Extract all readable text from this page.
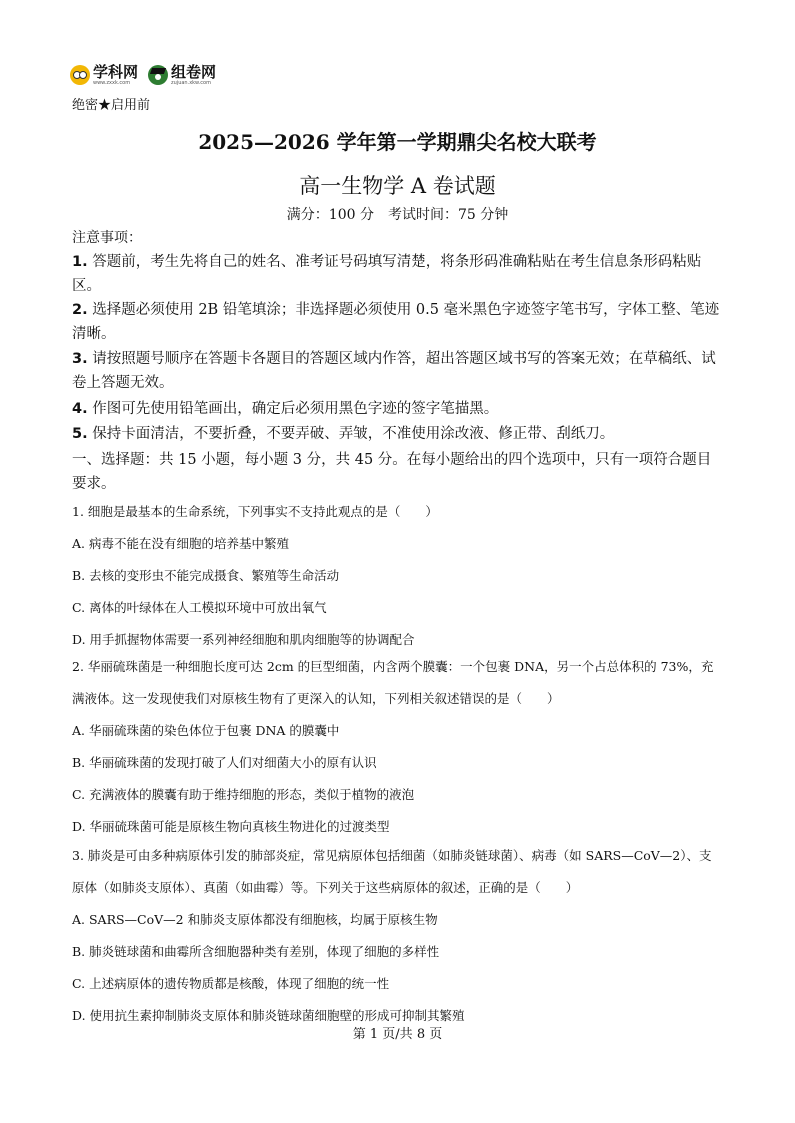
学科网
www.zxxk.com
组卷网
zujuan.xkw.com
绝密★启用前
2025—2026 学年第一学期鼎尖名校大联考
高一生物学 A 卷试题
满分：100 分　考试时间：75 分钟
注意事项：
1. 答题前，考生先将自己的姓名、准考证号码填写清楚，将条形码准确粘贴在考生信息条形码粘贴区。
2. 选择题必须使用 2B 铅笔填涂；非选择题必须使用 0.5 毫米黑色字迹签字笔书写，字体工整、笔迹清晰。
3. 请按照题号顺序在答题卡各题目的答题区域内作答，超出答题区域书写的答案无效；在草稿纸、试卷上答题无效。
4. 作图可先使用铅笔画出，确定后必须用黑色字迹的签字笔描黑。
5. 保持卡面清洁，不要折叠，不要弄破、弄皱，不准使用涂改液、修正带、刮纸刀。
一、选择题：共 15 小题，每小题 3 分，共 45 分。在每小题给出的四个选项中，只有一项符合题目要求。
1. 细胞是最基本的生命系统，下列事实不支持此观点的是（　　）
A. 病毒不能在没有细胞的培养基中繁殖
B. 去核的变形虫不能完成摄食、繁殖等生命活动
C. 离体的叶绿体在人工模拟环境中可放出氧气
D. 用手抓握物体需要一系列神经细胞和肌肉细胞等的协调配合
2. 华丽硫珠菌是一种细胞长度可达 2cm 的巨型细菌，内含两个膜囊：一个包裹 DNA，另一个占总体积的 73%，充满液体。这一发现使我们对原核生物有了更深入的认知，下列相关叙述错误的是（　　）
A. 华丽硫珠菌的染色体位于包裹 DNA 的膜囊中
B. 华丽硫珠菌的发现打破了人们对细菌大小的原有认识
C. 充满液体的膜囊有助于维持细胞的形态，类似于植物的液泡
D. 华丽硫珠菌可能是原核生物向真核生物进化的过渡类型
3. 肺炎是可由多种病原体引发的肺部炎症，常见病原体包括细菌（如肺炎链球菌）、病毒（如 SARS—CoV—2）、支原体（如肺炎支原体）、真菌（如曲霉）等。下列关于这些病原体的叙述，正确的是（　　）
A. SARS—CoV—2 和肺炎支原体都没有细胞核，均属于原核生物
B. 肺炎链球菌和曲霉所含细胞器种类有差别，体现了细胞的多样性
C. 上述病原体的遗传物质都是核酸，体现了细胞的统一性
D. 使用抗生素抑制肺炎支原体和肺炎链球菌细胞壁的形成可抑制其繁殖
第 1 页/共 8 页
